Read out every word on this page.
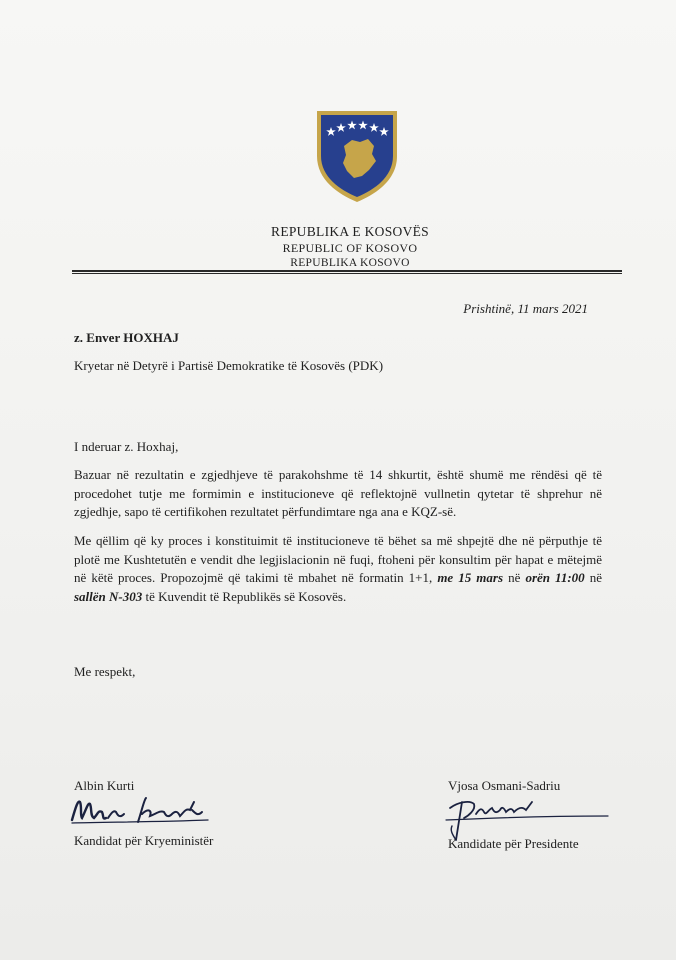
REPUBLIKA E KOSOVËS
REPUBLIC OF KOSOVO
REPUBLIKA KOSOVO
Prishtinë, 11 mars 2021
z. Enver HOXHAJ
Kryetar në Detyrë i Partisë Demokratike të Kosovës (PDK)
I nderuar z. Hoxhaj,
Bazuar në rezultatin e zgjedhjeve të parakohshme të 14 shkurtit, është shumë me rëndësi që të procedohet tutje me formimin e institucioneve që reflektojnë vullnetin qytetar të shprehur në zgjedhje, sapo të certifikohen rezultatet përfundimtare nga ana e KQZ-së.
Me qëllim që ky proces i konstituimit të institucioneve të bëhet sa më shpejtë dhe në përputhje të plotë me Kushtetutën e vendit dhe legjislacionin në fuqi, ftoheni për konsultim për hapat e mëtejmë në këtë proces. Propozojmë që takimi të mbahet në formatin 1+1, me 15 mars në orën 11:00 në sallën N-303 të Kuvendit të Republikës së Kosovës.
Me respekt,
Albin Kurti
Kandidat për Kryeministër
Vjosa Osmani-Sadriu
Kandidate për Presidente
